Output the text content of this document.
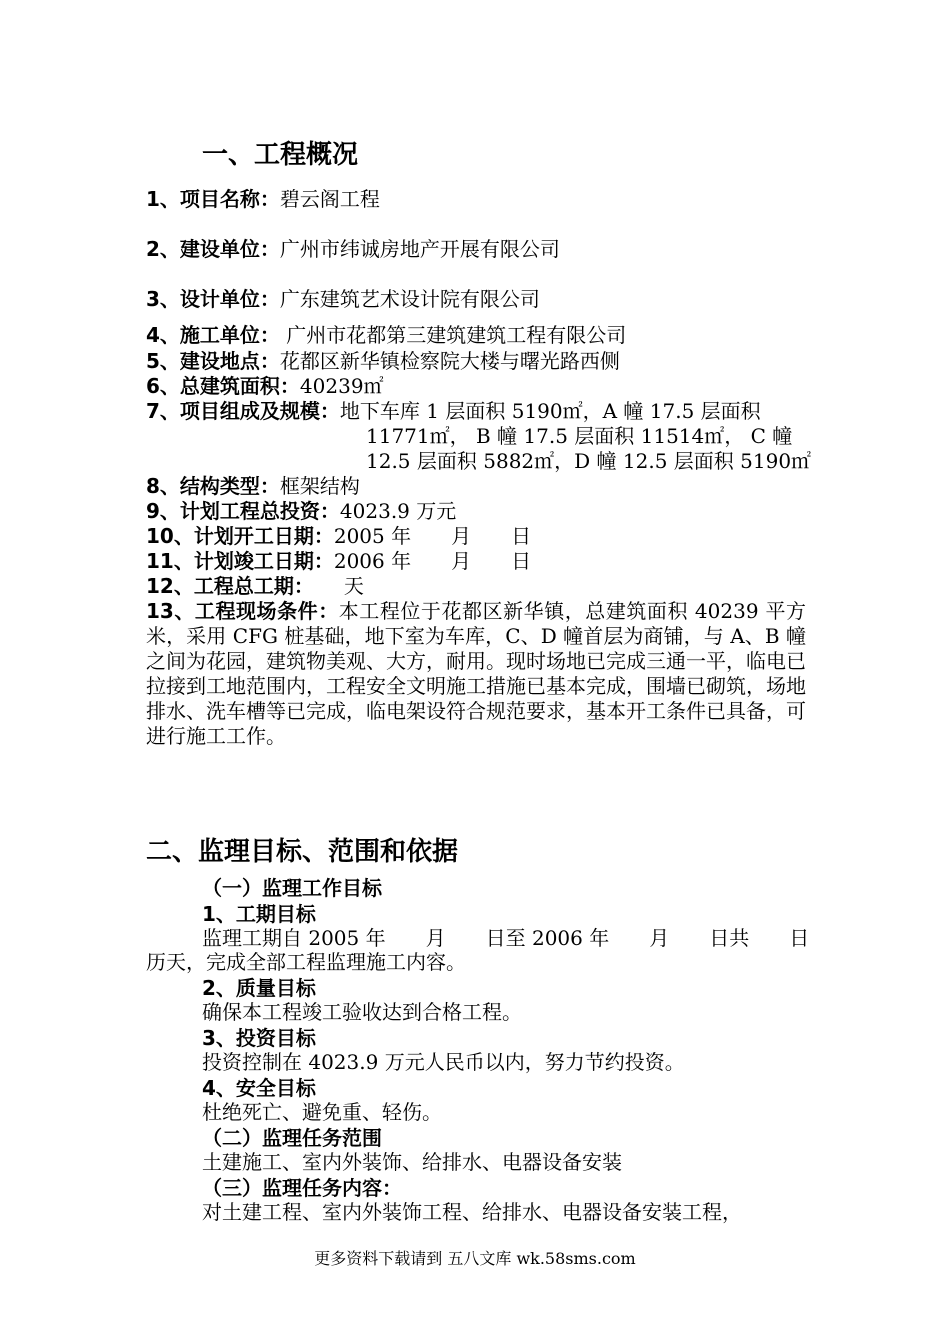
一、工程概况
1、项目名称：碧云阁工程
2、建设单位：广州市纬诚房地产开展有限公司
3、设计单位：广东建筑艺术设计院有限公司
4、施工单位： 广州市花都第三建筑建筑工程有限公司
5、建设地点：花都区新华镇检察院大楼与曙光路西侧
6、总建筑面积：40239㎡
7、项目组成及规模：地下车库 1 层面积 5190㎡，A 幢 17.5 层面积
11771㎡， B 幢 17.5 层面积 11514㎡， C 幢
12.5 层面积 5882㎡，D 幢 12.5 层面积 5190㎡
8、结构类型：框架结构
9、计划工程总投资：4023.9 万元
10、计划开工日期：2005 年　　月　　日
11、计划竣工日期：2006 年　　月　　日
12、工程总工期：　　天
13、工程现场条件：本工程位于花都区新华镇，总建筑面积 40239 平方米，采用 CFG 桩基础，地下室为车库，C、D 幢首层为商铺，与 A、B 幢之间为花园，建筑物美观、大方，耐用。现时场地已完成三通一平，临电已拉接到工地范围内，工程安全文明施工措施已基本完成，围墙已砌筑，场地排水、洗车槽等已完成，临电架设符合规范要求，基本开工条件已具备，可进行施工工作。
二、监理目标、范围和依据
（一）监理工作目标
1、工期目标
监理工期自 2005 年　　月　　日至 2006 年　　月　　日共　　日
历天，完成全部工程监理施工内容。
2、质量目标
确保本工程竣工验收达到合格工程。
3、投资目标
投资控制在 4023.9 万元人民币以内，努力节约投资。
4、安全目标
杜绝死亡、避免重、轻伤。
（二）监理任务范围
土建施工、室内外装饰、给排水、电器设备安装
（三）监理任务内容：
对土建工程、室内外装饰工程、给排水、电器设备安装工程，
更多资料下载请到 五八文库 wk.58sms.com
